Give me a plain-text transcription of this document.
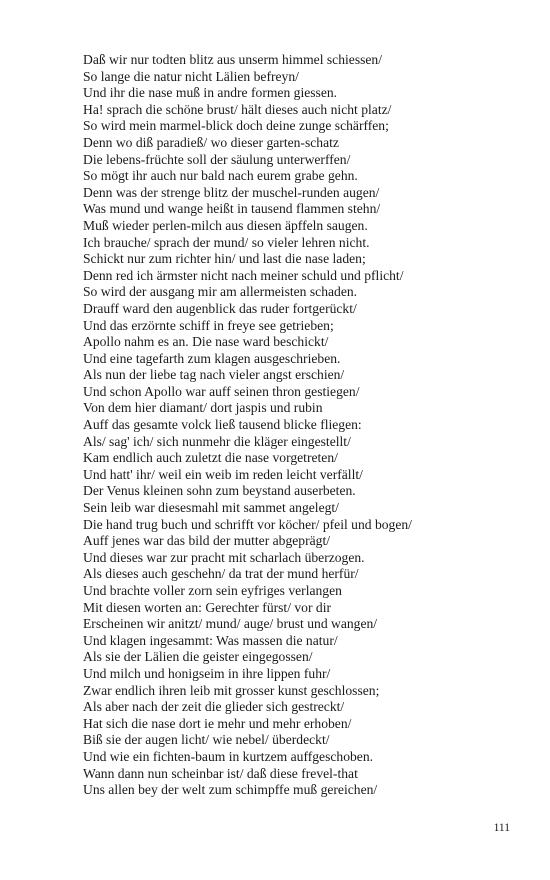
Daß wir nur todten blitz aus unserm himmel schiessen/
So lange die natur nicht Lälien befreyn/
Und ihr die nase muß in andre formen giessen.
Ha! sprach die schöne brust/ hält dieses auch nicht platz/
So wird mein marmel-blick doch deine zunge schärffen;
Denn wo diß paradieß/ wo dieser garten-schatz
Die lebens-früchte soll der säulung unterwerffen/
So mögt ihr auch nur bald nach eurem grabe gehn.
Denn was der strenge blitz der muschel-runden augen/
Was mund und wange heißt in tausend flammen stehn/
Muß wieder perlen-milch aus diesen äpffeln saugen.
Ich brauche/ sprach der mund/ so vieler lehren nicht.
Schickt nur zum richter hin/ und last die nase laden;
Denn red ich ärmster nicht nach meiner schuld und pflicht/
So wird der ausgang mir am allermeisten schaden.
Drauff ward den augenblick das ruder fortgerückt/
Und das erzörnte schiff in freye see getrieben;
Apollo nahm es an. Die nase ward beschickt/
Und eine tagefarth zum klagen ausgeschrieben.
Als nun der liebe tag nach vieler angst erschien/
Und schon Apollo war auff seinen thron gestiegen/
Von dem hier diamant/ dort jaspis und rubin
Auff das gesamte volck ließ tausend blicke fliegen:
Als/ sag' ich/ sich nunmehr die kläger eingestellt/
Kam endlich auch zuletzt die nase vorgetreten/
Und hatt' ihr/ weil ein weib im reden leicht verfällt/
Der Venus kleinen sohn zum beystand auserbeten.
Sein leib war diesesmahl mit sammet angelegt/
Die hand trug buch und schrifft vor köcher/ pfeil und bogen/
Auff jenes war das bild der mutter abgeprägt/
Und dieses war zur pracht mit scharlach überzogen.
Als dieses auch geschehn/ da trat der mund herfür/
Und brachte voller zorn sein eyfriges verlangen
Mit diesen worten an: Gerechter fürst/ vor dir
Erscheinen wir anitzt/ mund/ auge/ brust und wangen/
Und klagen ingesammt: Was massen die natur/
Als sie der Lälien die geister eingegossen/
Und milch und honigseim in ihre lippen fuhr/
Zwar endlich ihren leib mit grosser kunst geschlossen;
Als aber nach der zeit die glieder sich gestreckt/
Hat sich die nase dort ie mehr und mehr erhoben/
Biß sie der augen licht/ wie nebel/ überdeckt/
Und wie ein fichten-baum in kurtzem auffgeschoben.
Wann dann nun scheinbar ist/ daß diese frevel-that
Uns allen bey der welt zum schimpffe muß gereichen/
111
